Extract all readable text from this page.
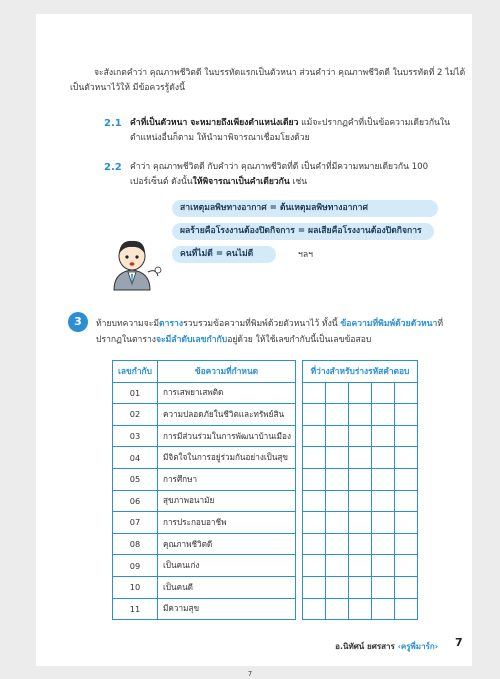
จะสังเกตคำว่า คุณภาพชีวิตดี ในบรรทัดแรกเป็นตัวหนา ส่วนคำว่า คุณภาพชีวิตดี ในบรรทัดที่ 2 ไม่ได้เป็นตัวหนาไว้ให้ มีข้อควรรู้ดังนี้
2.1 คำที่เป็นตัวหนา จะหมายถึงเพียงตำแหน่งเดียว แม้จะปรากฏคำที่เป็นข้อความเดียวกันในตำแหน่งอื่นก็ตาม ให้นำมาพิจารณาเชื่อมโยงด้วย
2.2 คำว่า คุณภาพชีวิตดี กับคำว่า คุณภาพชีวิตที่ดี เป็นคำที่มีความหมายเดียวกัน 100 เปอร์เซ็นต์ ดังนั้นให้พิจารณาเป็นคำเดียวกัน เช่น
สาเหตุมลพิษทางอากาศ = ต้นเหตุมลพิษทางอากาศ
ผลร้ายคือโรงงานต้องปิดกิจการ = ผลเสียคือโรงงานต้องปิดกิจการ
คนที่ไม่ดี = คนไม่ดี	ฯลฯ
3	ท้ายบทความจะมีตารางรวบรวมข้อความที่พิมพ์ด้วยตัวหนาไว้ ทั้งนี้ ข้อความที่พิมพ์ด้วยตัวหนาที่ปรากฏในตารางจะมีลำดับเลขกำกับอยู่ด้วย ให้ใช้เลขกำกับนี้เป็นเลขข้อสอบ
เลขกำกับ	ข้อความที่กำหนด		ที่ว่างสำหรับร่างรหัสคำตอบ				
01	การเสพยาเสพติด						
02	ความปลอดภัยในชีวิตและทรัพย์สิน						
03	การมีส่วนร่วมในการพัฒนาบ้านเมือง						
04	มีจิตใจในการอยู่ร่วมกันอย่างเป็นสุข						
05	การศึกษา						
06	สุขภาพอนามัย						
07	การประกอบอาชีพ						
08	คุณภาพชีวิตดี						
09	เป็นคนเก่ง						
10	เป็นคนดี						
11	มีความสุข						
อ.นิทัศน์ ยศรสาร ‹ครูพี่มาร์ก› 7
7
